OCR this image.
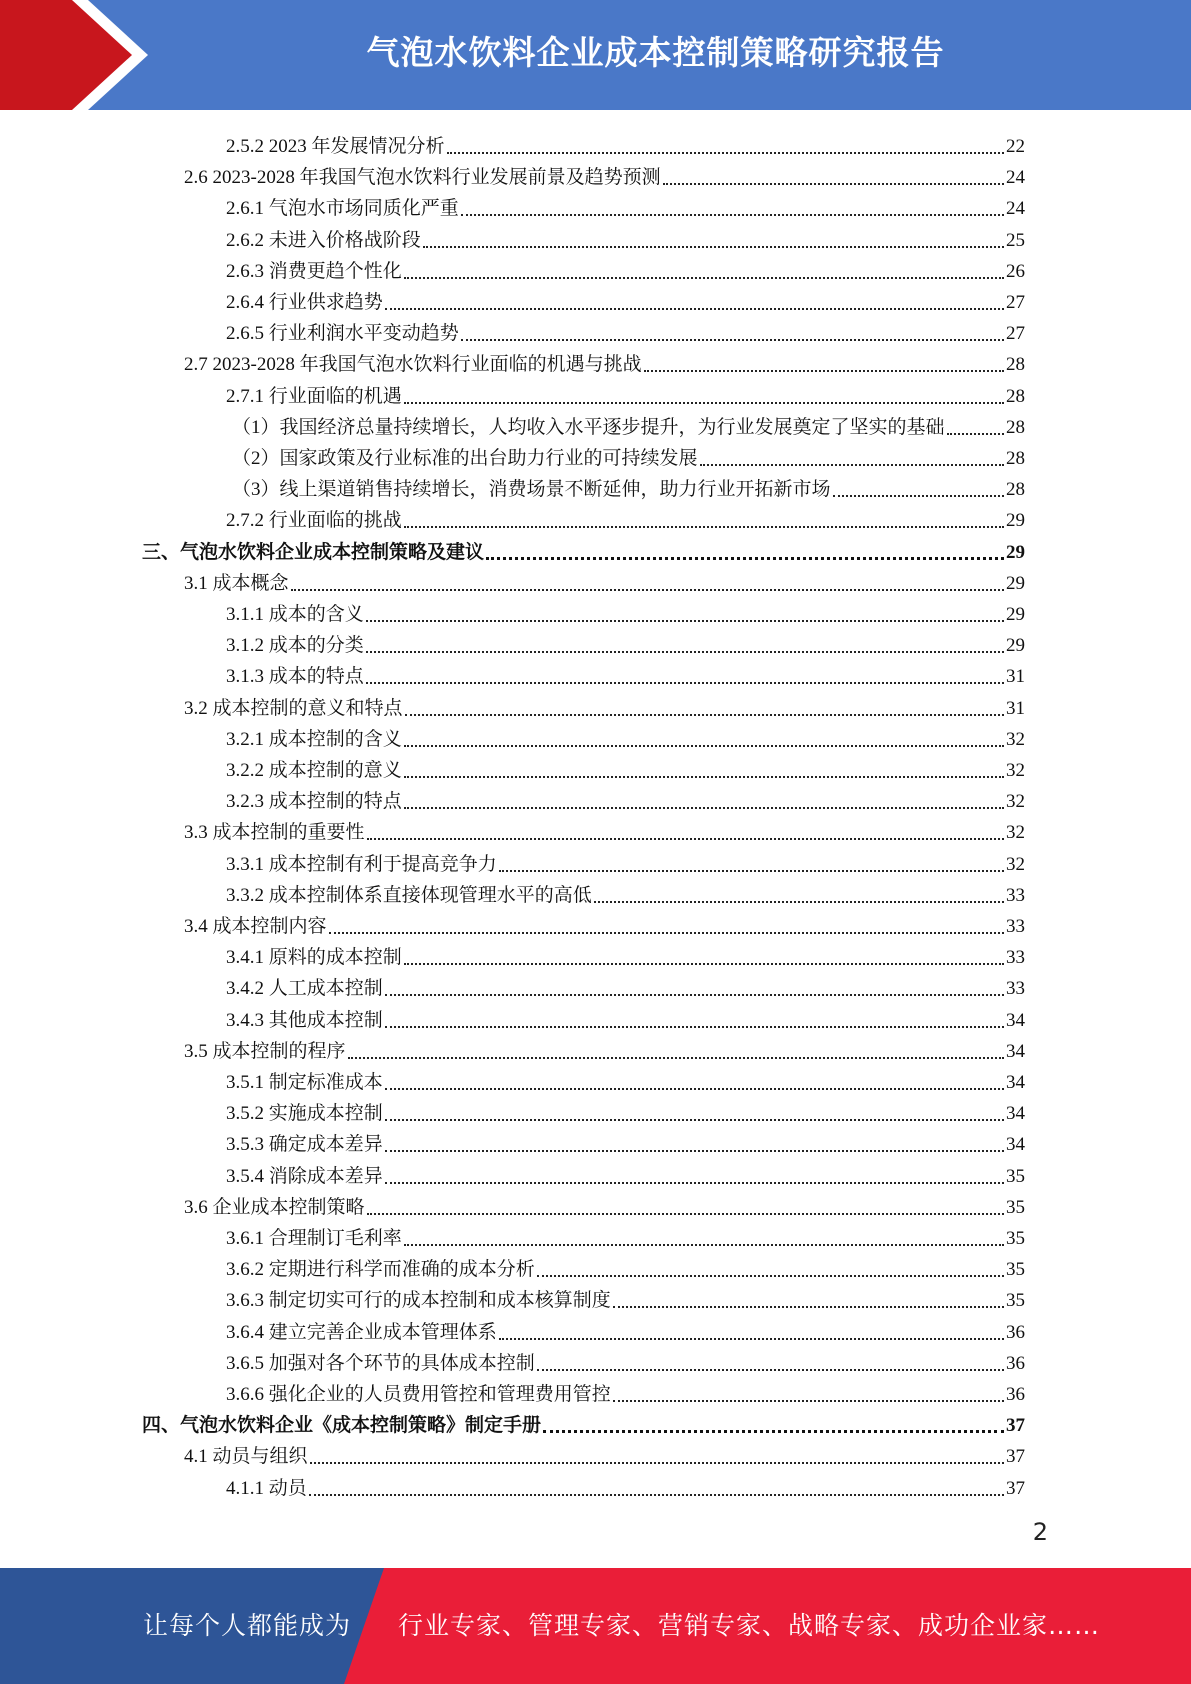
气泡水饮料企业成本控制策略研究报告
2.5.2 2023 年发展情况分析	22
2.6 2023-2028 年我国气泡水饮料行业发展前景及趋势预测	24
2.6.1 气泡水市场同质化严重	24
2.6.2 未进入价格战阶段	25
2.6.3 消费更趋个性化	26
2.6.4 行业供求趋势	27
2.6.5 行业利润水平变动趋势	27
2.7 2023-2028 年我国气泡水饮料行业面临的机遇与挑战	28
2.7.1 行业面临的机遇	28
（1）我国经济总量持续增长，人均收入水平逐步提升，为行业发展奠定了坚实的基础	28
（2）国家政策及行业标准的出台助力行业的可持续发展	28
（3）线上渠道销售持续增长，消费场景不断延伸，助力行业开拓新市场	28
2.7.2 行业面临的挑战	29
三、气泡水饮料企业成本控制策略及建议	29
3.1 成本概念	29
3.1.1 成本的含义	29
3.1.2 成本的分类	29
3.1.3 成本的特点	31
3.2 成本控制的意义和特点	31
3.2.1 成本控制的含义	32
3.2.2 成本控制的意义	32
3.2.3 成本控制的特点	32
3.3 成本控制的重要性	32
3.3.1 成本控制有利于提高竞争力	32
3.3.2 成本控制体系直接体现管理水平的高低	33
3.4 成本控制内容	33
3.4.1 原料的成本控制	33
3.4.2 人工成本控制	33
3.4.3 其他成本控制	34
3.5 成本控制的程序	34
3.5.1 制定标准成本	34
3.5.2 实施成本控制	34
3.5.3 确定成本差异	34
3.5.4 消除成本差异	35
3.6 企业成本控制策略	35
3.6.1 合理制订毛利率	35
3.6.2 定期进行科学而准确的成本分析	35
3.6.3 制定切实可行的成本控制和成本核算制度	35
3.6.4 建立完善企业成本管理体系	36
3.6.5 加强对各个环节的具体成本控制	36
3.6.6 强化企业的人员费用管控和管理费用管控	36
四、气泡水饮料企业《成本控制策略》制定手册	37
4.1 动员与组织	37
4.1.1 动员	37
2
让每个人都能成为 行业专家、管理专家、营销专家、战略专家、成功企业家……
